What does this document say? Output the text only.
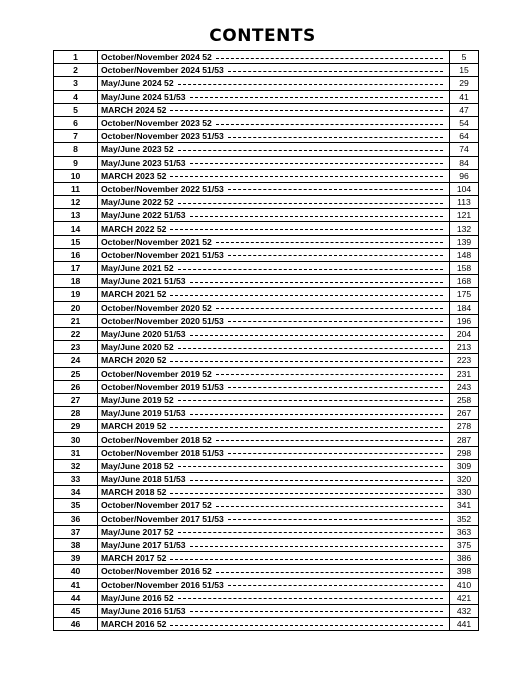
CONTENTS
1	October/November 2024 52	5
2	October/November 2024 51/53	15
3	May/June 2024 52	29
4	May/June 2024 51/53	41
5	MARCH 2024 52	47
6	October/November 2023 52	54
7	October/November 2023 51/53	64
8	May/June 2023 52	74
9	May/June 2023 51/53	84
10	MARCH 2023 52	96
11	October/November 2022 51/53	104
12	May/June 2022 52	113
13	May/June 2022 51/53	121
14	MARCH 2022 52	132
15	October/November 2021 52	139
16	October/November 2021 51/53	148
17	May/June 2021 52	158
18	May/June 2021 51/53	168
19	MARCH 2021 52	175
20	October/November 2020 52	184
21	October/November 2020 51/53	196
22	May/June 2020 51/53	204
23	May/June 2020 52	213
24	MARCH 2020 52	223
25	October/November 2019 52	231
26	October/November 2019 51/53	243
27	May/June 2019 52	258
28	May/June 2019 51/53	267
29	MARCH 2019 52	278
30	October/November 2018 52	287
31	October/November 2018 51/53	298
32	May/June 2018 52	309
33	May/June 2018 51/53	320
34	MARCH 2018 52	330
35	October/November 2017 52	341
36	October/November 2017 51/53	352
37	May/June 2017 52	363
38	May/June 2017 51/53	375
39	MARCH 2017 52	386
40	October/November 2016 52	398
41	October/November 2016 51/53	410
44	May/June 2016 52	421
45	May/June 2016 51/53	432
46	MARCH 2016 52	441
